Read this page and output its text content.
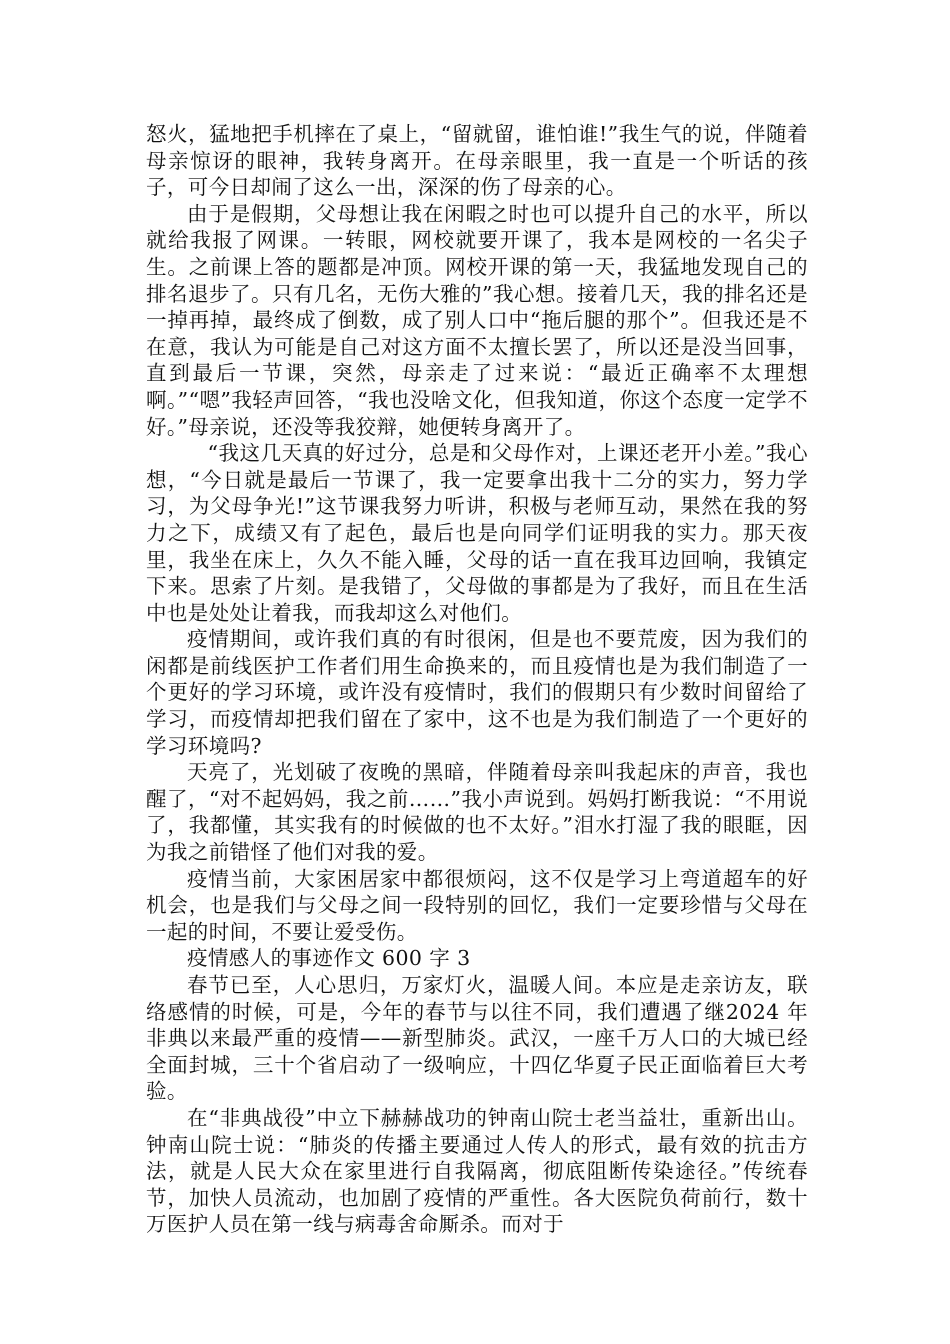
怒火，猛地把手机摔在了桌上，“留就留，谁怕谁!”我生气的说，伴随着母亲惊讶的眼神，我转身离开。在母亲眼里，我一直是一个听话的孩子，可今日却闹了这么一出，深深的伤了母亲的心。

由于是假期，父母想让我在闲暇之时也可以提升自己的水平，所以就给我报了网课。一转眼，网校就要开课了，我本是网校的一名尖子生。之前课上答的题都是冲顶。网校开课的第一天，我猛地发现自己的排名退步了。只有几名，无伤大雅的”我心想。接着几天，我的排名还是一掉再掉，最终成了倒数，成了别人口中“拖后腿的那个”。但我还是不在意，我认为可能是自己对这方面不太擅长罢了，所以还是没当回事，直到最后一节课，突然，母亲走了过来说：“最近正确率不太理想啊。”“嗯”我轻声回答，“我也没啥文化，但我知道，你这个态度一定学不好。”母亲说，还没等我狡辩，她便转身离开了。

“我这几天真的好过分，总是和父母作对，上课还老开小差。”我心想，“今日就是最后一节课了，我一定要拿出我十二分的实力，努力学习，为父母争光!”这节课我努力听讲，积极与老师互动，果然在我的努力之下，成绩又有了起色，最后也是向同学们证明我的实力。那天夜里，我坐在床上，久久不能入睡，父母的话一直在我耳边回响，我镇定下来。思索了片刻。是我错了，父母做的事都是为了我好，而且在生活中也是处处让着我，而我却这么对他们。

疫情期间，或许我们真的有时很闲，但是也不要荒废，因为我们的闲都是前线医护工作者们用生命换来的，而且疫情也是为我们制造了一个更好的学习环境，或许没有疫情时，我们的假期只有少数时间留给了学习，而疫情却把我们留在了家中，这不也是为我们制造了一个更好的学习环境吗?

天亮了，光划破了夜晚的黑暗，伴随着母亲叫我起床的声音，我也醒了，“对不起妈妈，我之前……”我小声说到。妈妈打断我说：“不用说了，我都懂，其实我有的时候做的也不太好。”泪水打湿了我的眼眶，因为我之前错怪了他们对我的爱。

疫情当前，大家困居家中都很烦闷，这不仅是学习上弯道超车的好机会，也是我们与父母之间一段特别的回忆，我们一定要珍惜与父母在一起的时间，不要让爱受伤。

疫情感人的事迹作文 600 字 3

春节已至，人心思归，万家灯火，温暖人间。本应是走亲访友，联络感情的时候，可是，今年的春节与以往不同，我们遭遇了继2024 年非典以来最严重的疫情——新型肺炎。武汉，一座千万人口的大城已经全面封城，三十个省启动了一级响应，十四亿华夏子民正面临着巨大考验。

在“非典战役”中立下赫赫战功的钟南山院士老当益壮，重新出山。钟南山院士说：“肺炎的传播主要通过人传人的形式，最有效的抗击方法，就是人民大众在家里进行自我隔离，彻底阻断传染途径。”传统春节，加快人员流动，也加剧了疫情的严重性。各大医院负荷前行，数十万医护人员在第一线与病毒舍命厮杀。而对于
